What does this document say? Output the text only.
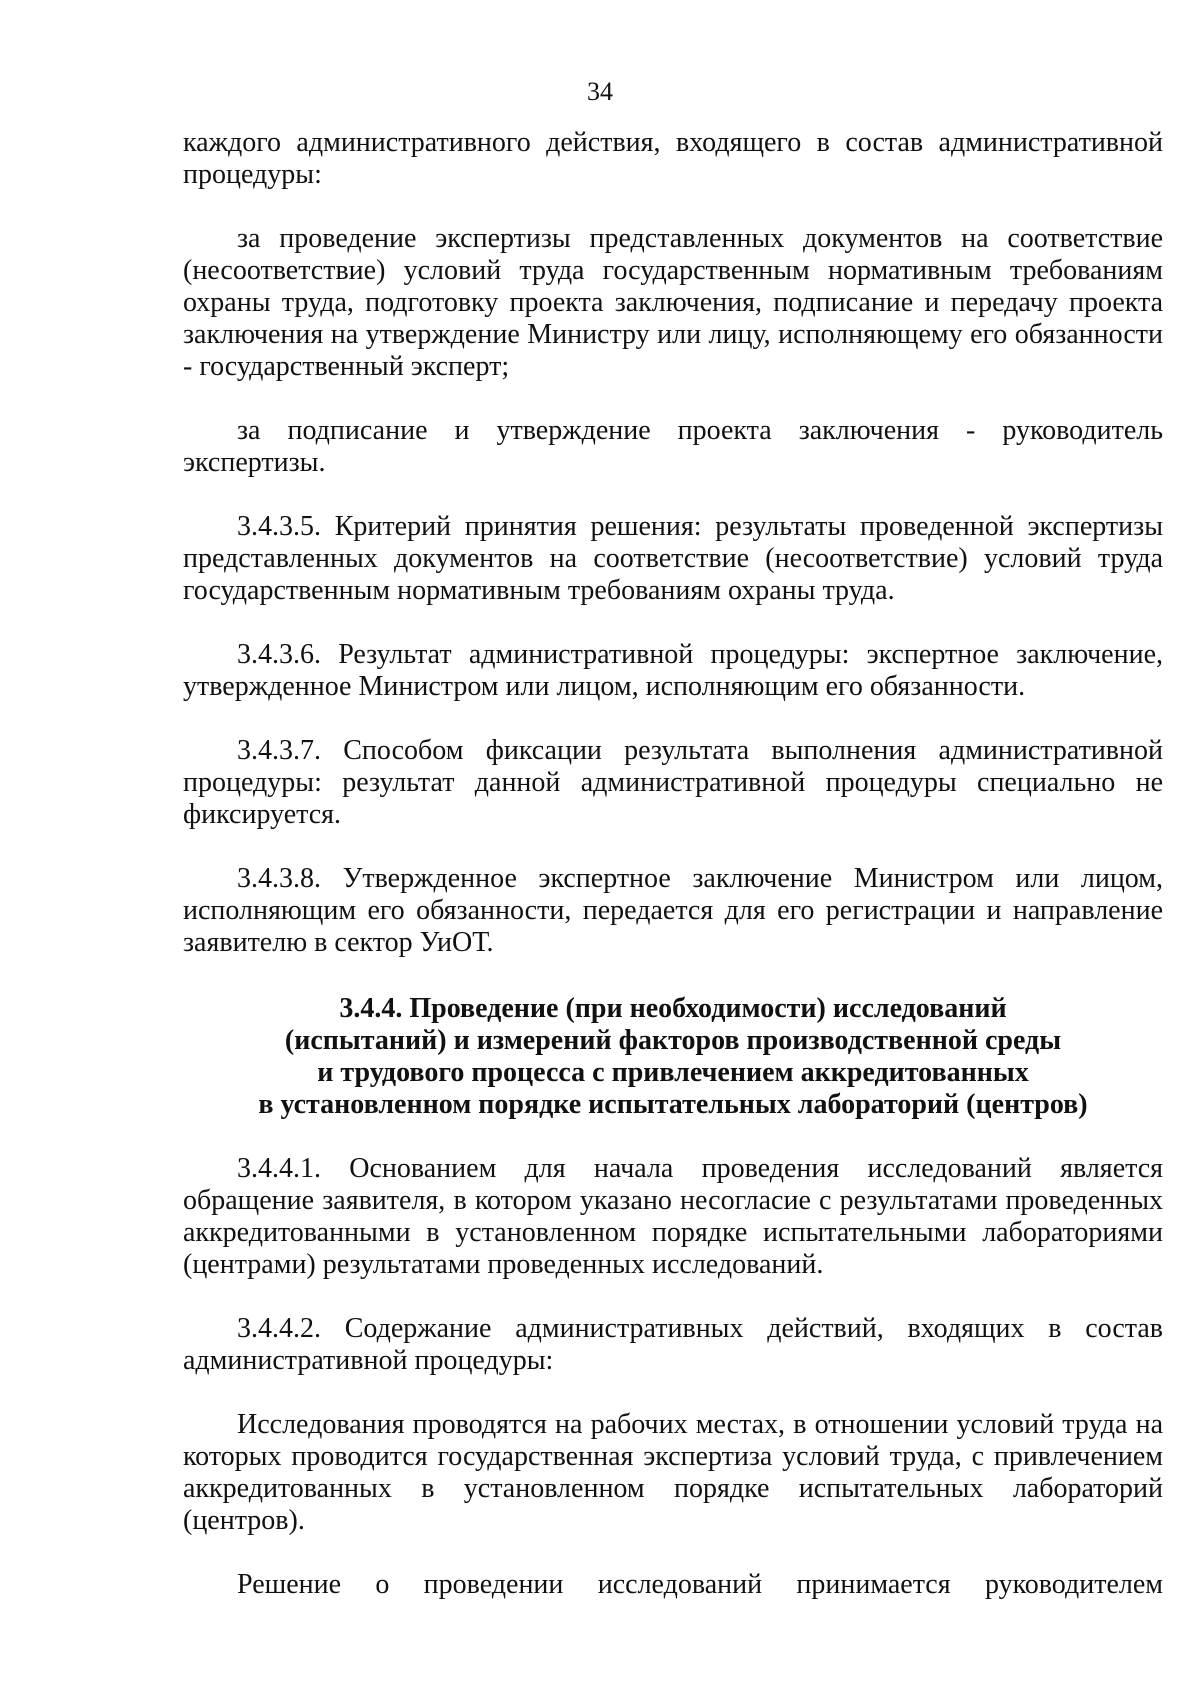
34

каждого административного действия, входящего в состав административной процедуры:

за проведение экспертизы представленных документов на соответствие (несоответствие) условий труда государственным нормативным требованиям охраны труда, подготовку проекта заключения, подписание и передачу проекта заключения на утверждение Министру или лицу, исполняющему его обязанности - государственный эксперт;

за подписание и утверждение проекта заключения - руководитель экспертизы.

3.4.3.5. Критерий принятия решения: результаты проведенной экспертизы представленных документов на соответствие (несоответствие) условий труда государственным нормативным требованиям охраны труда.

3.4.3.6. Результат административной процедуры: экспертное заключение, утвержденное Министром или лицом, исполняющим его обязанности.

3.4.3.7. Способом фиксации результата выполнения административной процедуры: результат данной административной процедуры специально не фиксируется.

3.4.3.8. Утвержденное экспертное заключение Министром или лицом, исполняющим его обязанности, передается для его регистрации и направление заявителю в сектор УиОТ.

3.4.4. Проведение (при необходимости) исследований
(испытаний) и измерений факторов производственной среды
и трудового процесса с привлечением аккредитованных
в установленном порядке испытательных лабораторий (центров)

3.4.4.1. Основанием для начала проведения исследований является обращение заявителя, в котором указано несогласие с результатами проведенных аккредитованными в установленном порядке испытательными лабораториями (центрами) результатами проведенных исследований.

3.4.4.2. Содержание административных действий, входящих в состав административной процедуры:

Исследования проводятся на рабочих местах, в отношении условий труда на которых проводится государственная экспертиза условий труда, с привлечением аккредитованных в установленном порядке испытательных лабораторий (центров).

Решение о проведении исследований принимается руководителем
